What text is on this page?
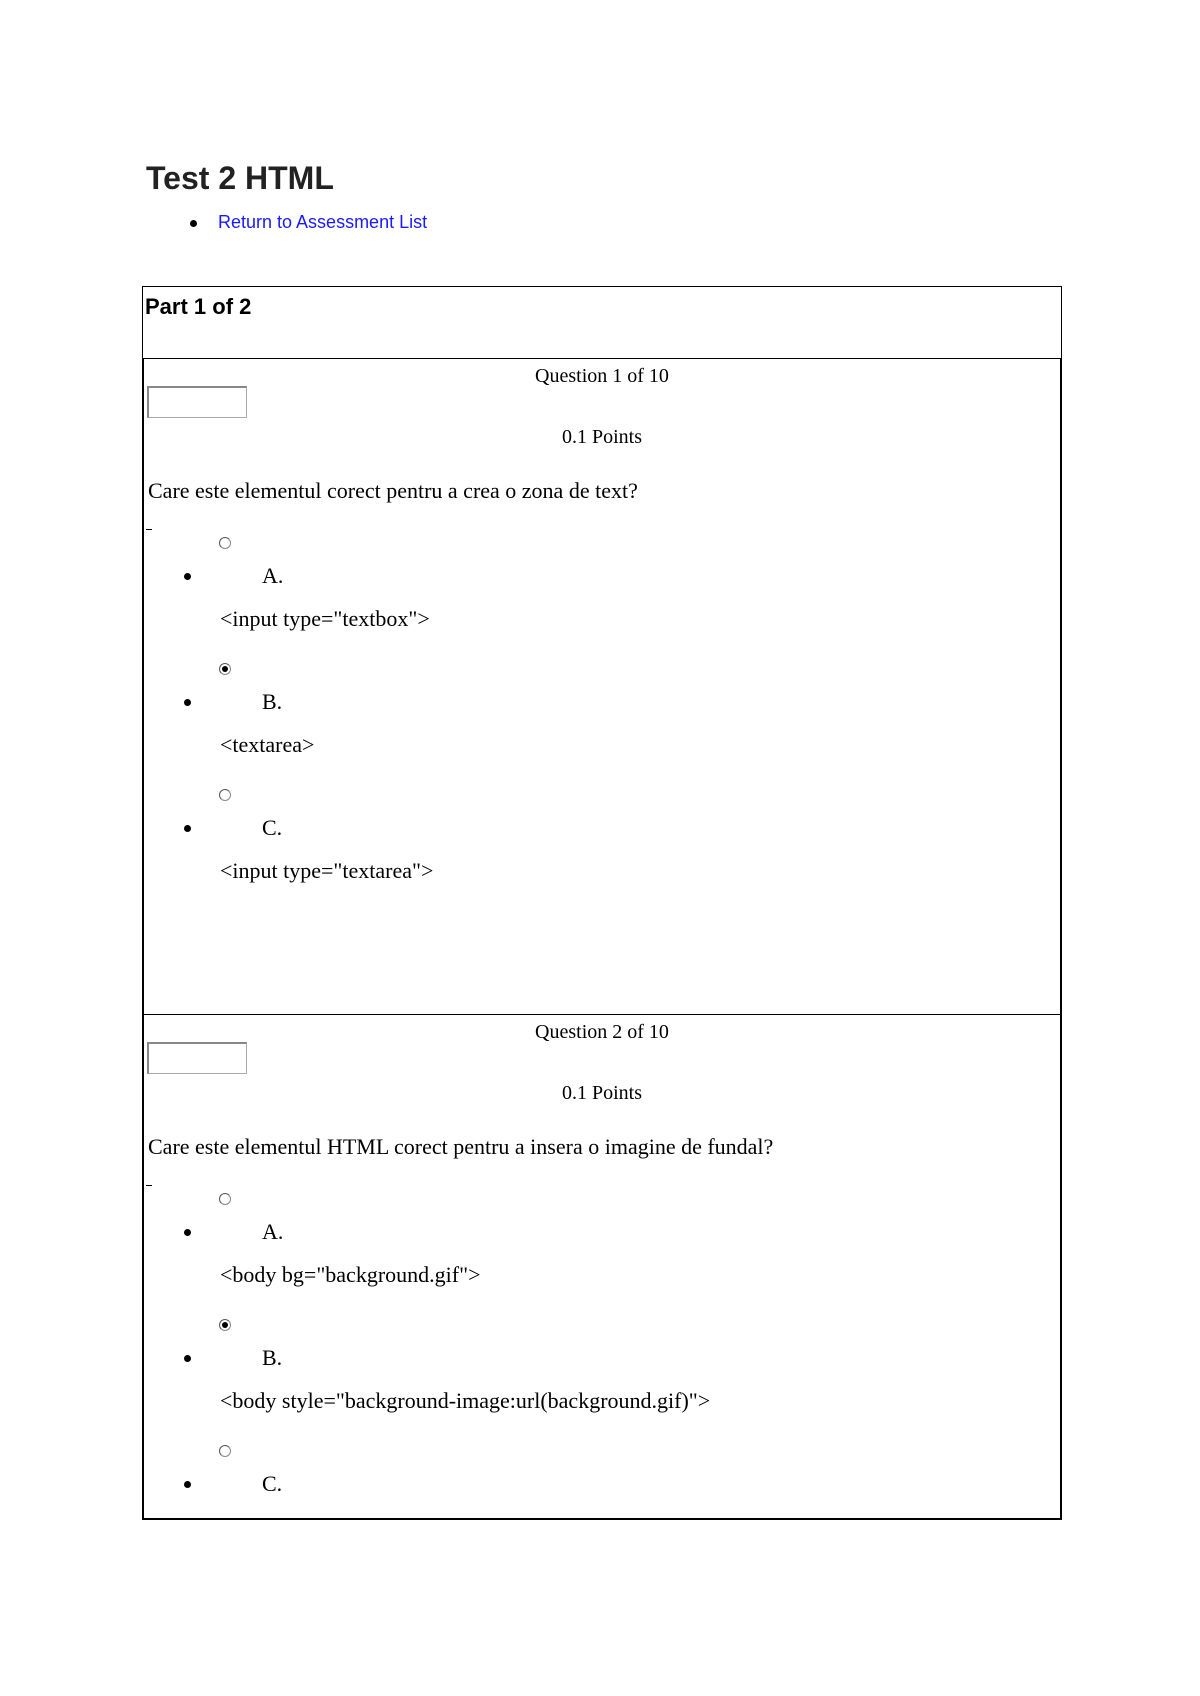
Test 2 HTML
Return to Assessment List
Part 1 of 2
Question 1 of 10
0.1 Points
Care este elementul corect pentru a crea o zona de text?
A.
<input type="textbox">
B.
<textarea>
C.
<input type="textarea">
Question 2 of 10
0.1 Points
Care este elementul HTML corect pentru a insera o imagine de fundal?
A.
<body bg="background.gif">
B.
<body style="background-image:url(background.gif)">
C.
